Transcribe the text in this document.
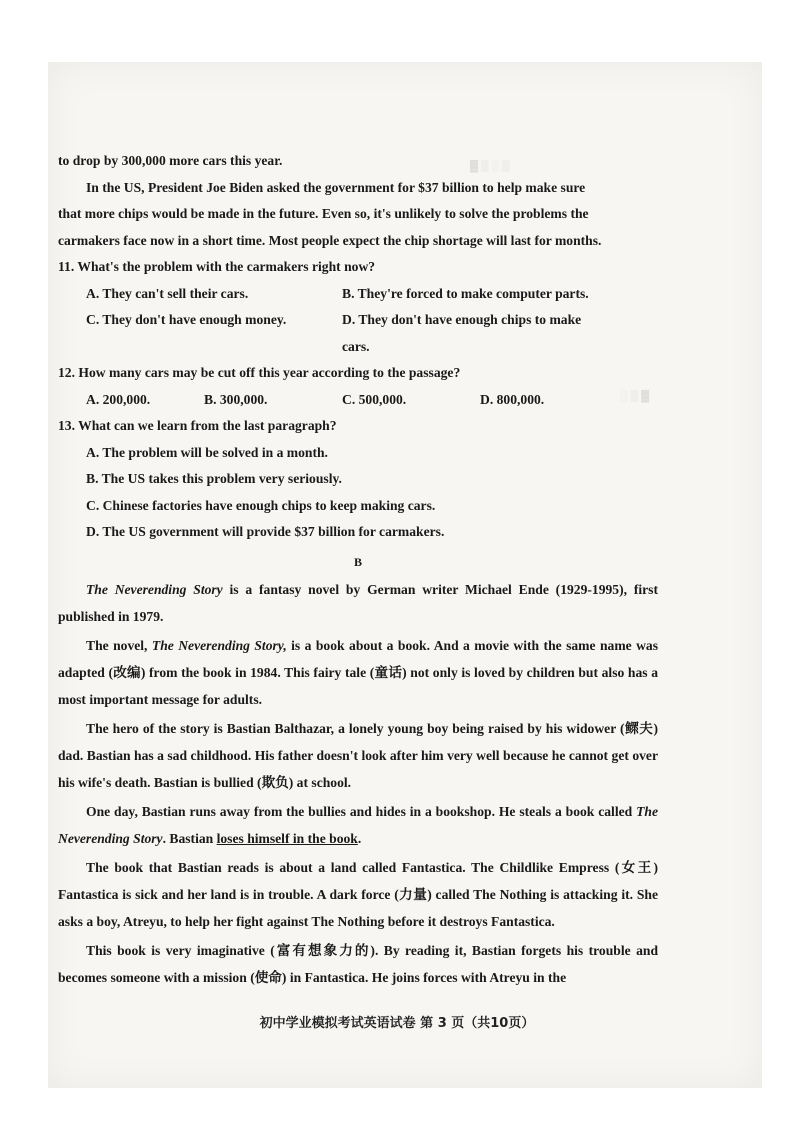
▓ ▒ ░ ▒
░ ▒ ▓
to drop by 300,000 more cars this year.
In the US, President Joe Biden asked the government for $37 billion to help make sure
that more chips would be made in the future. Even so, it's unlikely to solve the problems the
carmakers face now in a short time. Most people expect the chip shortage will last for months.
11. What's the problem with the carmakers right now?
A. They can't sell their cars.	B. They're forced to make computer parts.
C. They don't have enough money.	D. They don't have enough chips to make cars.
12. How many cars may be cut off this year according to the passage?
A. 200,000.	B. 300,000.	C. 500,000.	D. 800,000.
13. What can we learn from the last paragraph?
A. The problem will be solved in a month.
B. The US takes this problem very seriously.
C. Chinese factories have enough chips to keep making cars.
D. The US government will provide $37 billion for carmakers.
B
The Neverending Story is a fantasy novel by German writer Michael Ende (1929-1995), first published in 1979.
The novel, The Neverending Story, is a book about a book. And a movie with the same name was adapted (改编) from the book in 1984. This fairy tale (童话) not only is loved by children but also has a most important message for adults.
The hero of the story is Bastian Balthazar, a lonely young boy being raised by his widower (鳏夫) dad. Bastian has a sad childhood. His father doesn't look after him very well because he cannot get over his wife's death. Bastian is bullied (欺负) at school.
One day, Bastian runs away from the bullies and hides in a bookshop. He steals a book called The Neverending Story. Bastian loses himself in the book.
The book that Bastian reads is about a land called Fantastica. The Childlike Empress (女王) Fantastica is sick and her land is in trouble. A dark force (力量) called The Nothing is attacking it. She asks a boy, Atreyu, to help her fight against The Nothing before it destroys Fantastica.
This book is very imaginative (富有想象力的). By reading it, Bastian forgets his trouble and becomes someone with a mission (使命) in Fantastica. He joins forces with Atreyu in the
初中学业模拟考试英语试卷 第 3 页（共10页）
